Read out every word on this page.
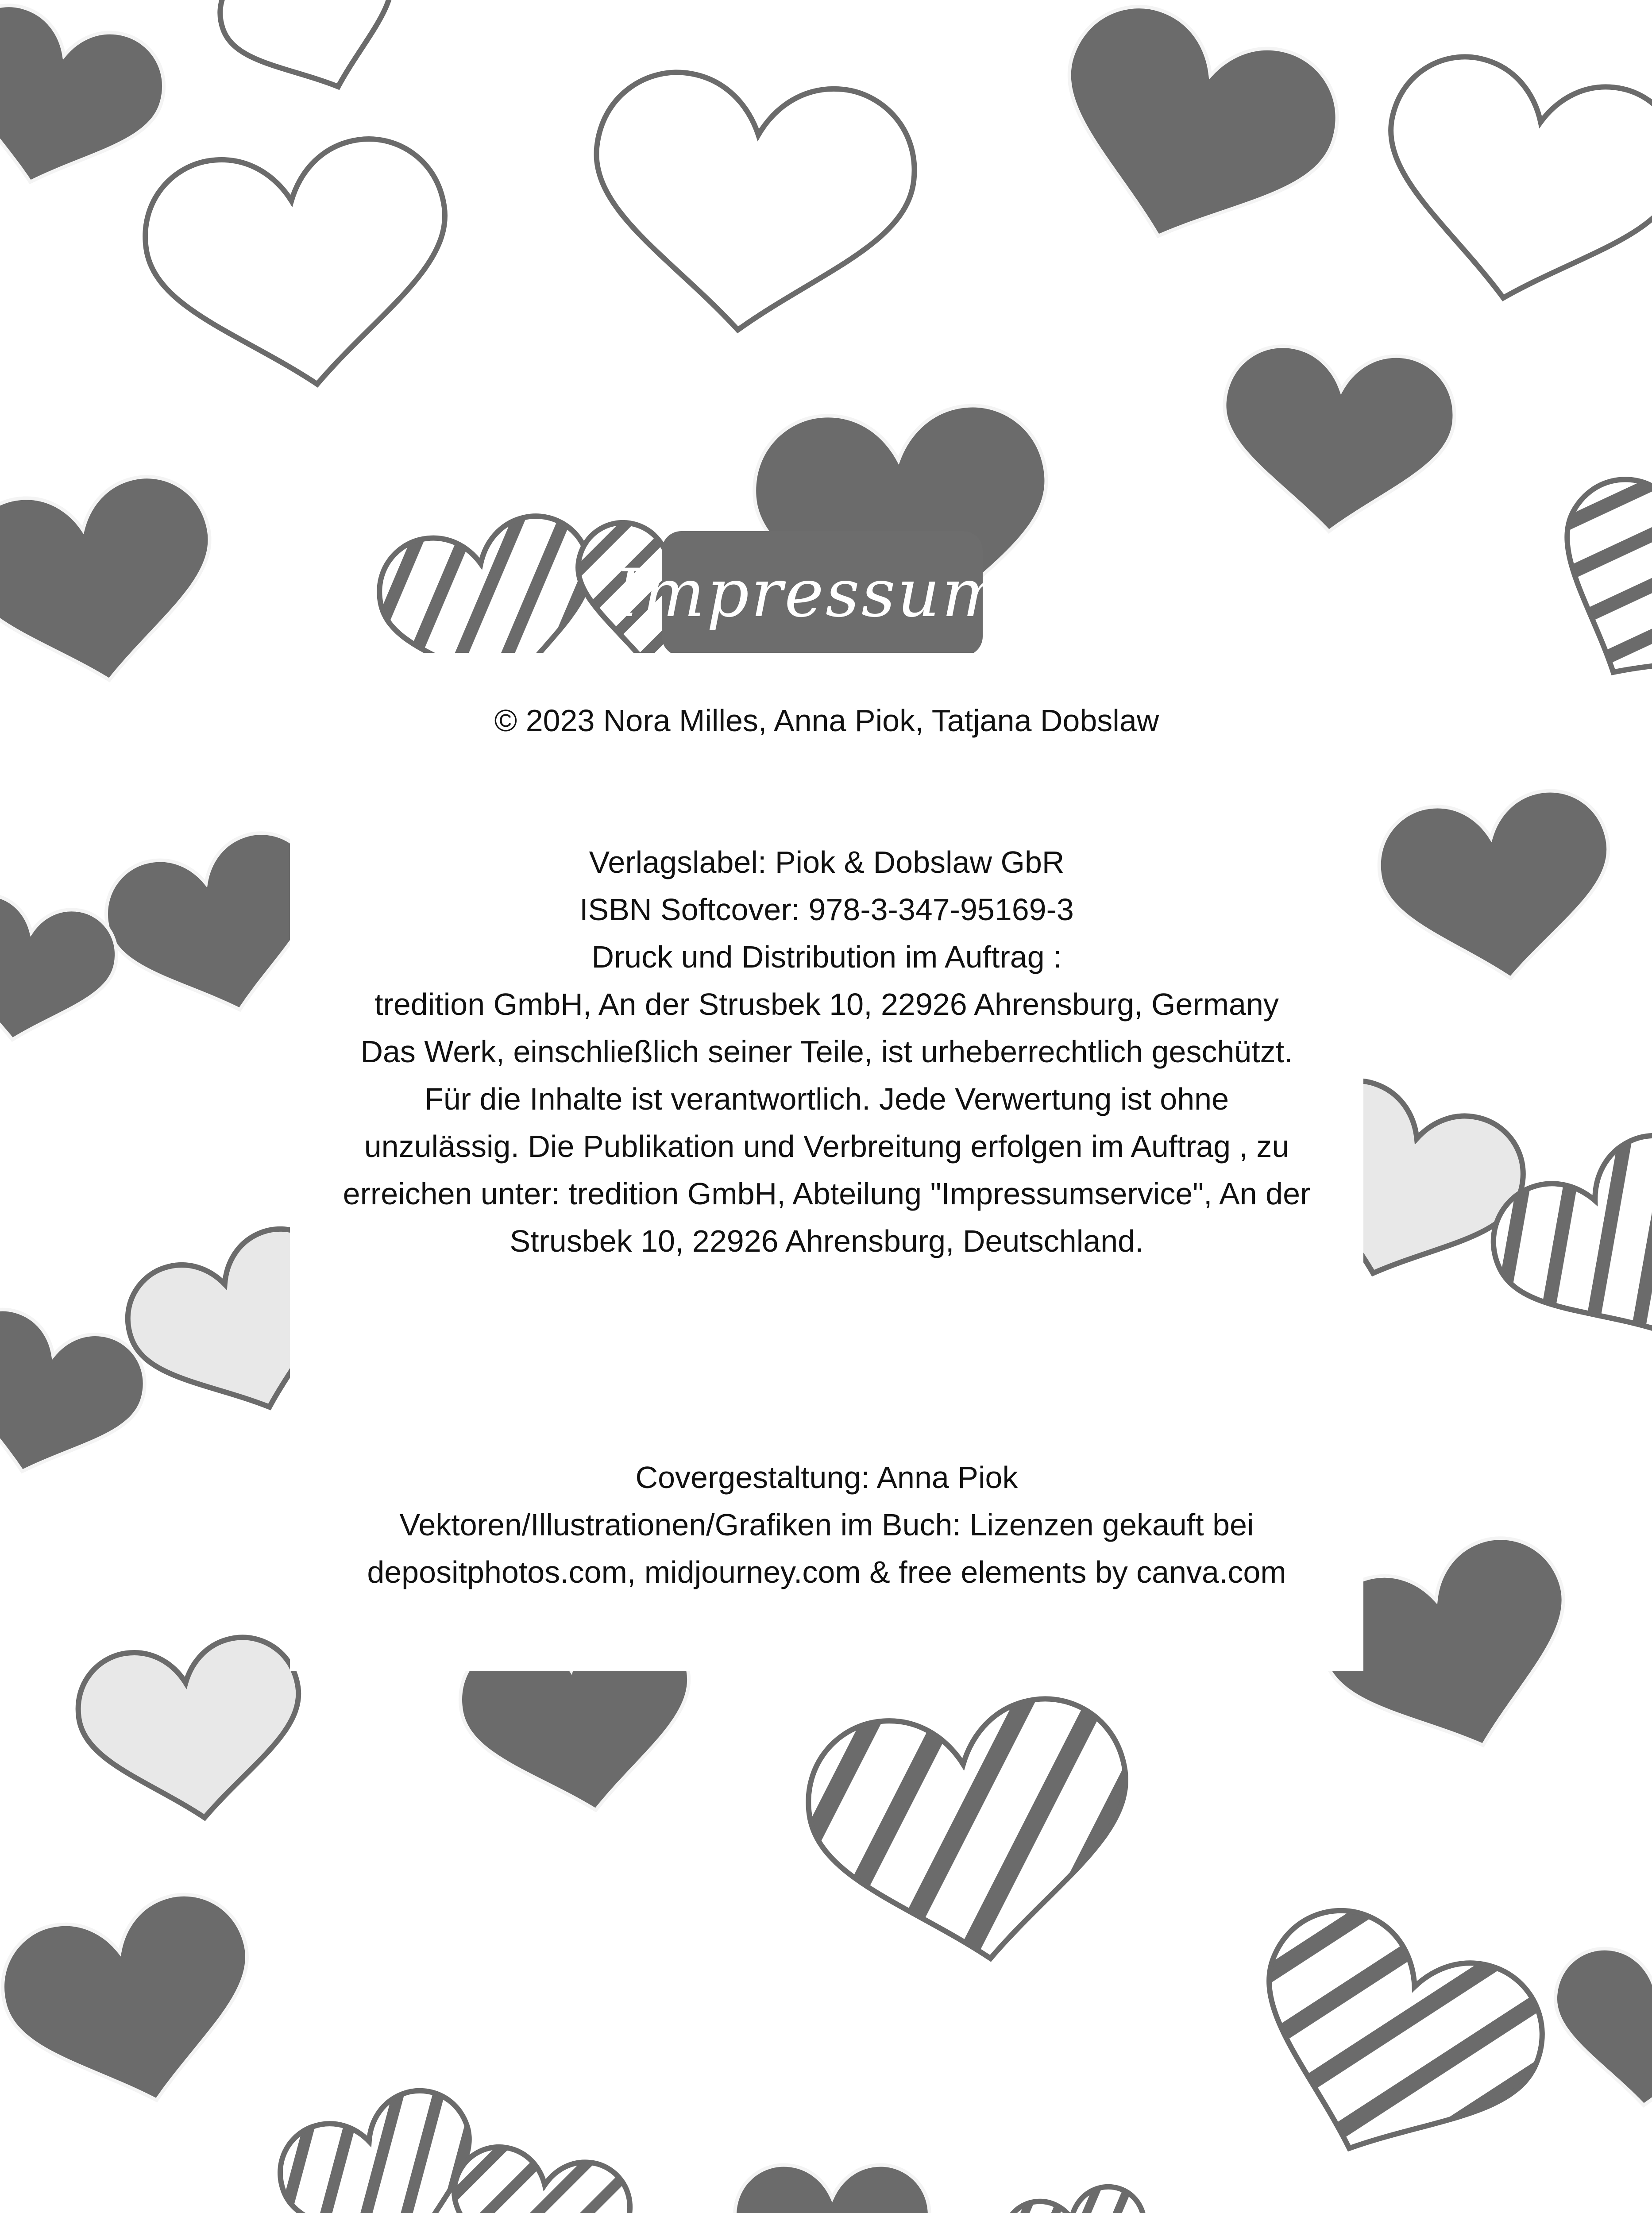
Impressum:

© 2023 Nora Milles, Anna Piok, Tatjana Dobslaw

Verlagslabel: Piok & Dobslaw GbR

ISBN Softcover: 978-3-347-95169-3

Druck und Distribution im Auftrag :

tredition GmbH, An der Strusbek 10, 22926 Ahrensburg, Germany

Das Werk, einschließlich seiner Teile, ist urheberrechtlich geschützt.

Für die Inhalte ist verantwortlich. Jede Verwertung ist ohne

unzulässig. Die Publikation und Verbreitung erfolgen im Auftrag , zu

erreichen unter: tredition GmbH, Abteilung "Impressumservice", An der

Strusbek 10, 22926 Ahrensburg, Deutschland.

Covergestaltung: Anna Piok

Vektoren/Illustrationen/Grafiken im Buch: Lizenzen gekauft bei

depositphotos.com, midjourney.com & free elements by canva.com
